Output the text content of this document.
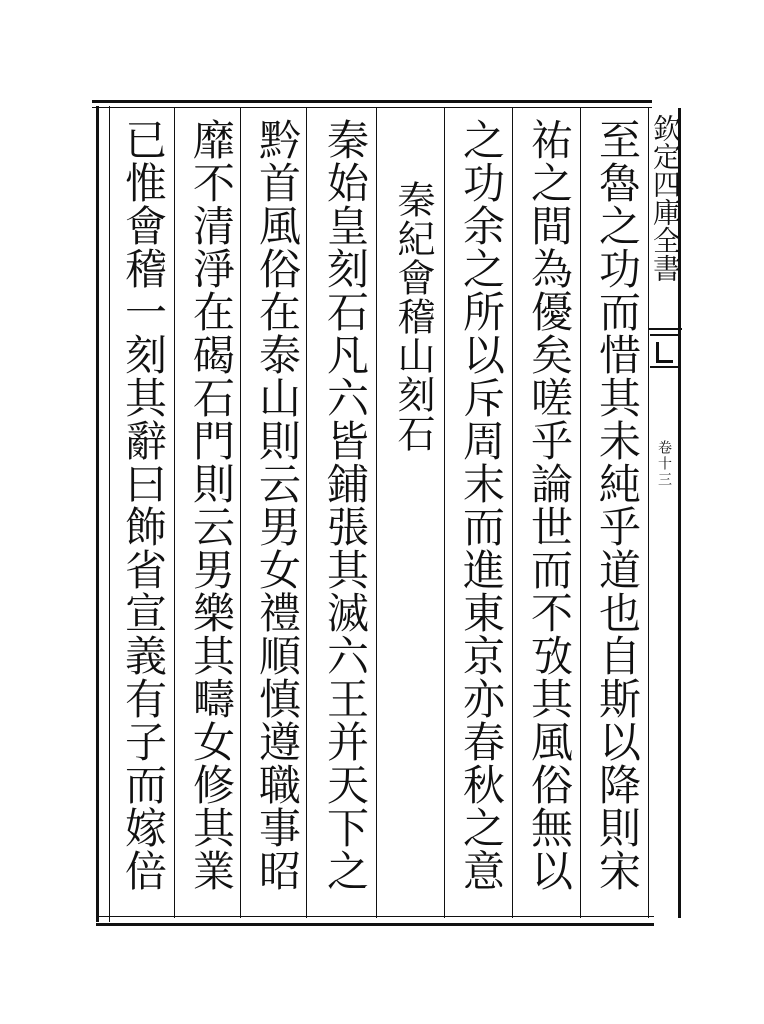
欽定四庫全書
卷十三
至魯之功而惜其未純乎道也自斯以降則宋
祐之間為優矣嗟乎論世而不攷其風俗無以
之功余之所以斥周末而進東京亦春秋之意
秦紀會稽山刻石
秦始皇刻石凡六皆鋪張其滅六王并天下之
黔首風俗在泰山則云男女禮順慎遵職事昭
靡不清淨在碣石門則云男樂其疇女修其業
已惟會稽一刻其辭曰飾省宣義有子而嫁倍
